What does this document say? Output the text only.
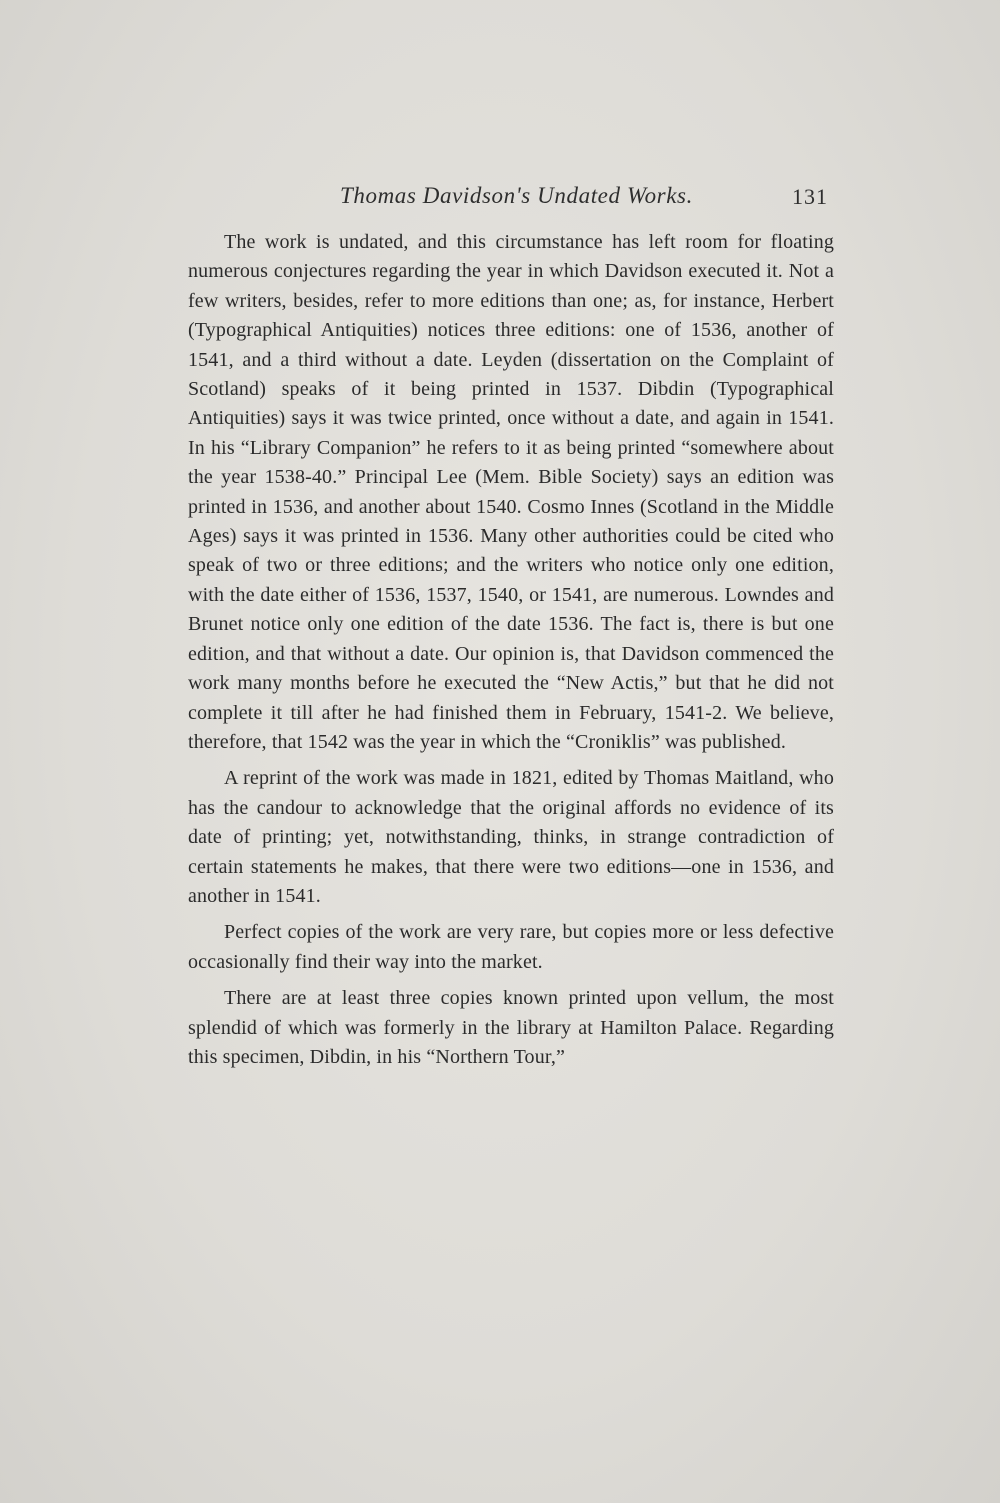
Thomas Davidson's Undated Works.	131

The work is undated, and this circumstance has left room for floating numerous conjectures regarding the year in which Davidson executed it. Not a few writers, besides, refer to more editions than one; as, for instance, Herbert (Typographical Antiquities) notices three editions: one of 1536, another of 1541, and a third without a date. Leyden (dissertation on the Complaint of Scotland) speaks of it being printed in 1537. Dibdin (Typographical Antiquities) says it was twice printed, once without a date, and again in 1541. In his “Library Companion” he refers to it as being printed “somewhere about the year 1538-40.” Principal Lee (Mem. Bible Society) says an edition was printed in 1536, and another about 1540. Cosmo Innes (Scotland in the Middle Ages) says it was printed in 1536. Many other authorities could be cited who speak of two or three editions; and the writers who notice only one edition, with the date either of 1536, 1537, 1540, or 1541, are numerous. Lowndes and Brunet notice only one edition of the date 1536. The fact is, there is but one edition, and that without a date. Our opinion is, that Davidson commenced the work many months before he executed the “New Actis,” but that he did not complete it till after he had finished them in February, 1541-2. We believe, therefore, that 1542 was the year in which the “Croniklis” was published.

A reprint of the work was made in 1821, edited by Thomas Maitland, who has the candour to acknowledge that the original affords no evidence of its date of printing; yet, notwithstanding, thinks, in strange contradiction of certain statements he makes, that there were two editions—one in 1536, and another in 1541.

Perfect copies of the work are very rare, but copies more or less defective occasionally find their way into the market.

There are at least three copies known printed upon vellum, the most splendid of which was formerly in the library at Hamilton Palace. Regarding this specimen, Dibdin, in his “Northern Tour,”
